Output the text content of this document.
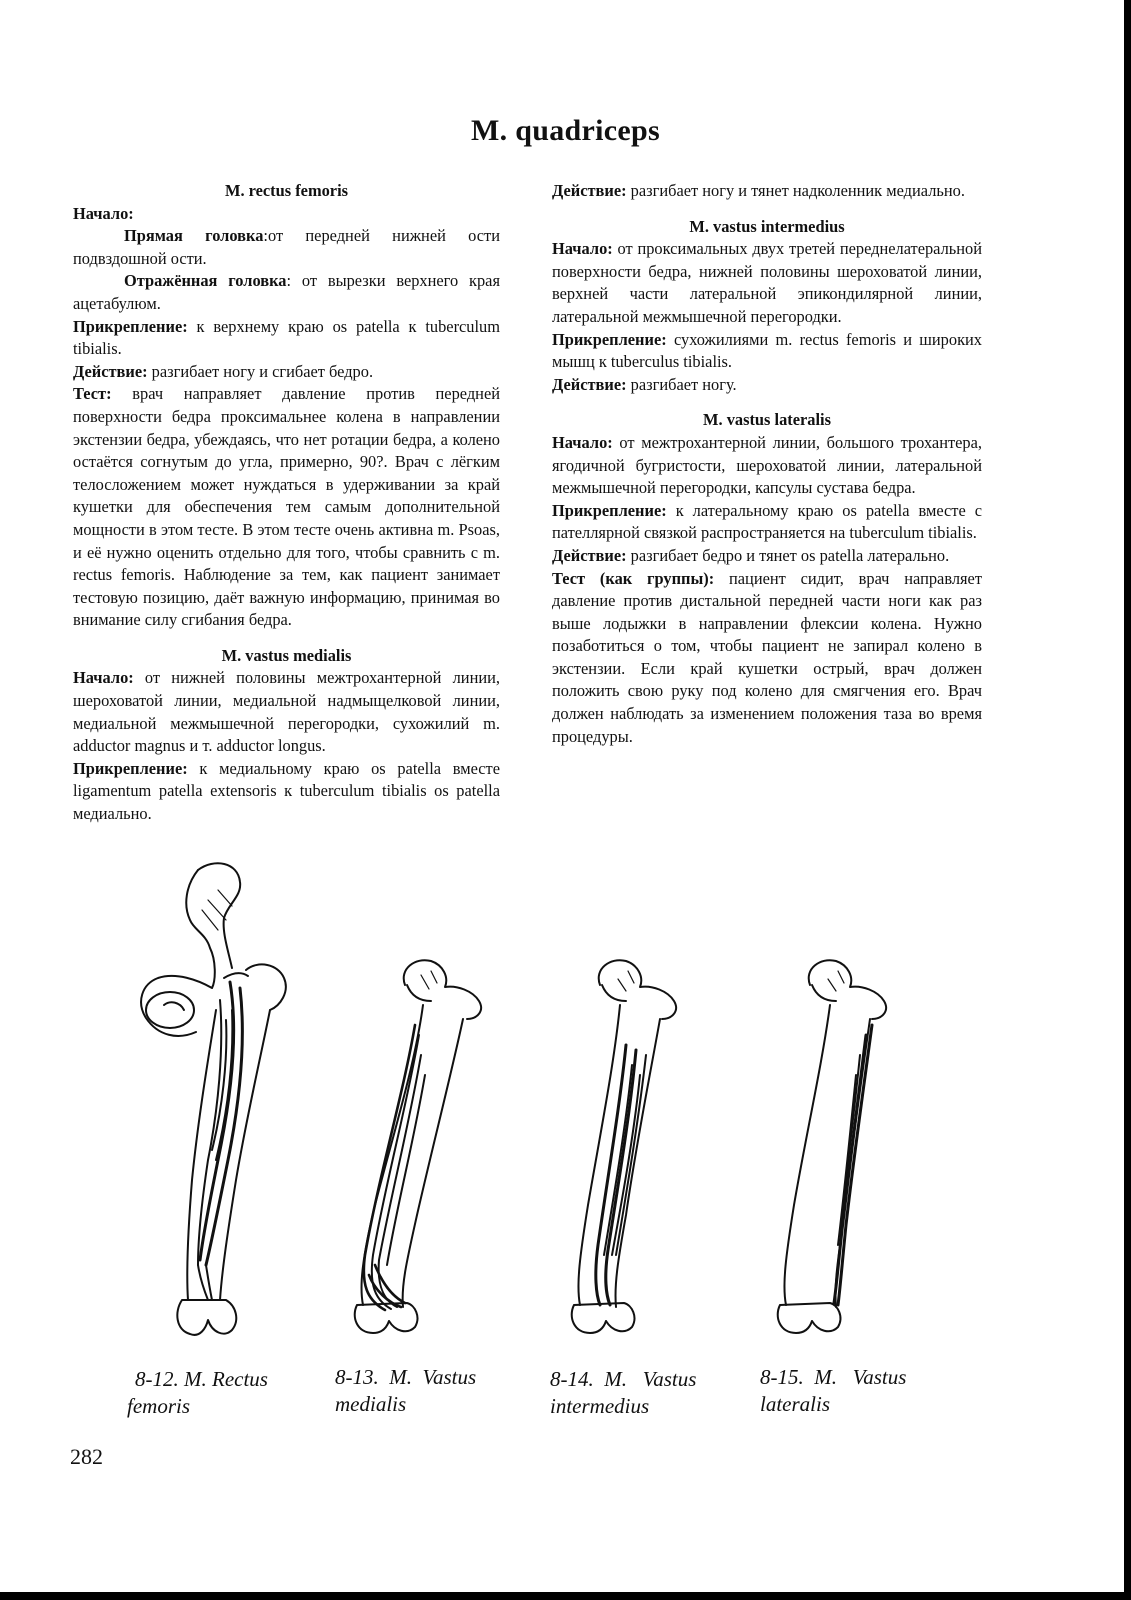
M. quadriceps

M. rectus femoris

Начало:

Прямая головка:от передней нижней ости подвздошной ости.

Отражённая головка: от вырезки верхнего края ацетабулюм.

Прикрепление: к верхнему краю os patella к tuberculum tibialis.

Действие: разгибает ногу и сгибает бедро.

Тест: врач направляет давление против передней поверхности бедра проксимальнее колена в направлении экстензии бедра, убеждаясь, что нет ротации бедра, а колено остаётся согнутым до угла, примерно, 90?. Врач с лёгким телосложением может нуждаться в удерживании за край кушетки для обеспечения тем самым дополнительной мощности в этом тесте. В этом тесте очень активна m. Psoas, и её нужно оценить отдельно для того, чтобы сравнить с m. rectus femoris. Наблюдение за тем, как пациент занимает тестовую позицию, даёт важную информацию, принимая во внимание силу сгибания бедра.

M. vastus medialis

Начало: от нижней половины межтрохантерной линии, шероховатой линии, медиальной надмыщелковой линии, медиальной межмышечной перегородки, сухожилий m. adductor magnus и т. adductor longus.

Прикрепление: к медиальному краю os patella вместе ligamentum patella extensoris к tuberculum tibialis os patella медиально.

Действие: разгибает ногу и тянет надколенник медиально.

M. vastus intermedius

Начало: от проксимальных двух третей переднелатеральной поверхности бедра, нижней половины шероховатой линии, верхней части латеральной эпикондилярной линии, латеральной межмышечной перегородки.

Прикрепление: сухожилиями m. rectus femoris и широких мышц к tuberculus tibialis.

Действие: разгибает ногу.

M. vastus lateralis

Начало: от межтрохантерной линии, большого трохантера, ягодичной бугристости, шероховатой линии, латеральной межмышечной перегородки, капсулы сустава бедра.

Прикрепление: к латеральному краю os patella вместе с пателлярной связкой распространяется на tuberculum tibialis.

Действие: разгибает бедро и тянет os patella латерально.

Тест (как группы): пациент сидит, врач направляет давление против дистальной передней части ноги как раз выше лодыжки в направлении флексии колена. Нужно позаботиться о том, чтобы пациент не запирал колено в экстензии. Если край кушетки острый, врач должен положить свою руку под колено для смягчения его. Врач должен наблюдать за изменением положения таза во время процедуры.

8-12. M. Rectus
femoris
8-13.  M.  Vastus
medialis
8-14.  M.   Vastus
intermedius
8-15.  M.   Vastus
lateralis
282
